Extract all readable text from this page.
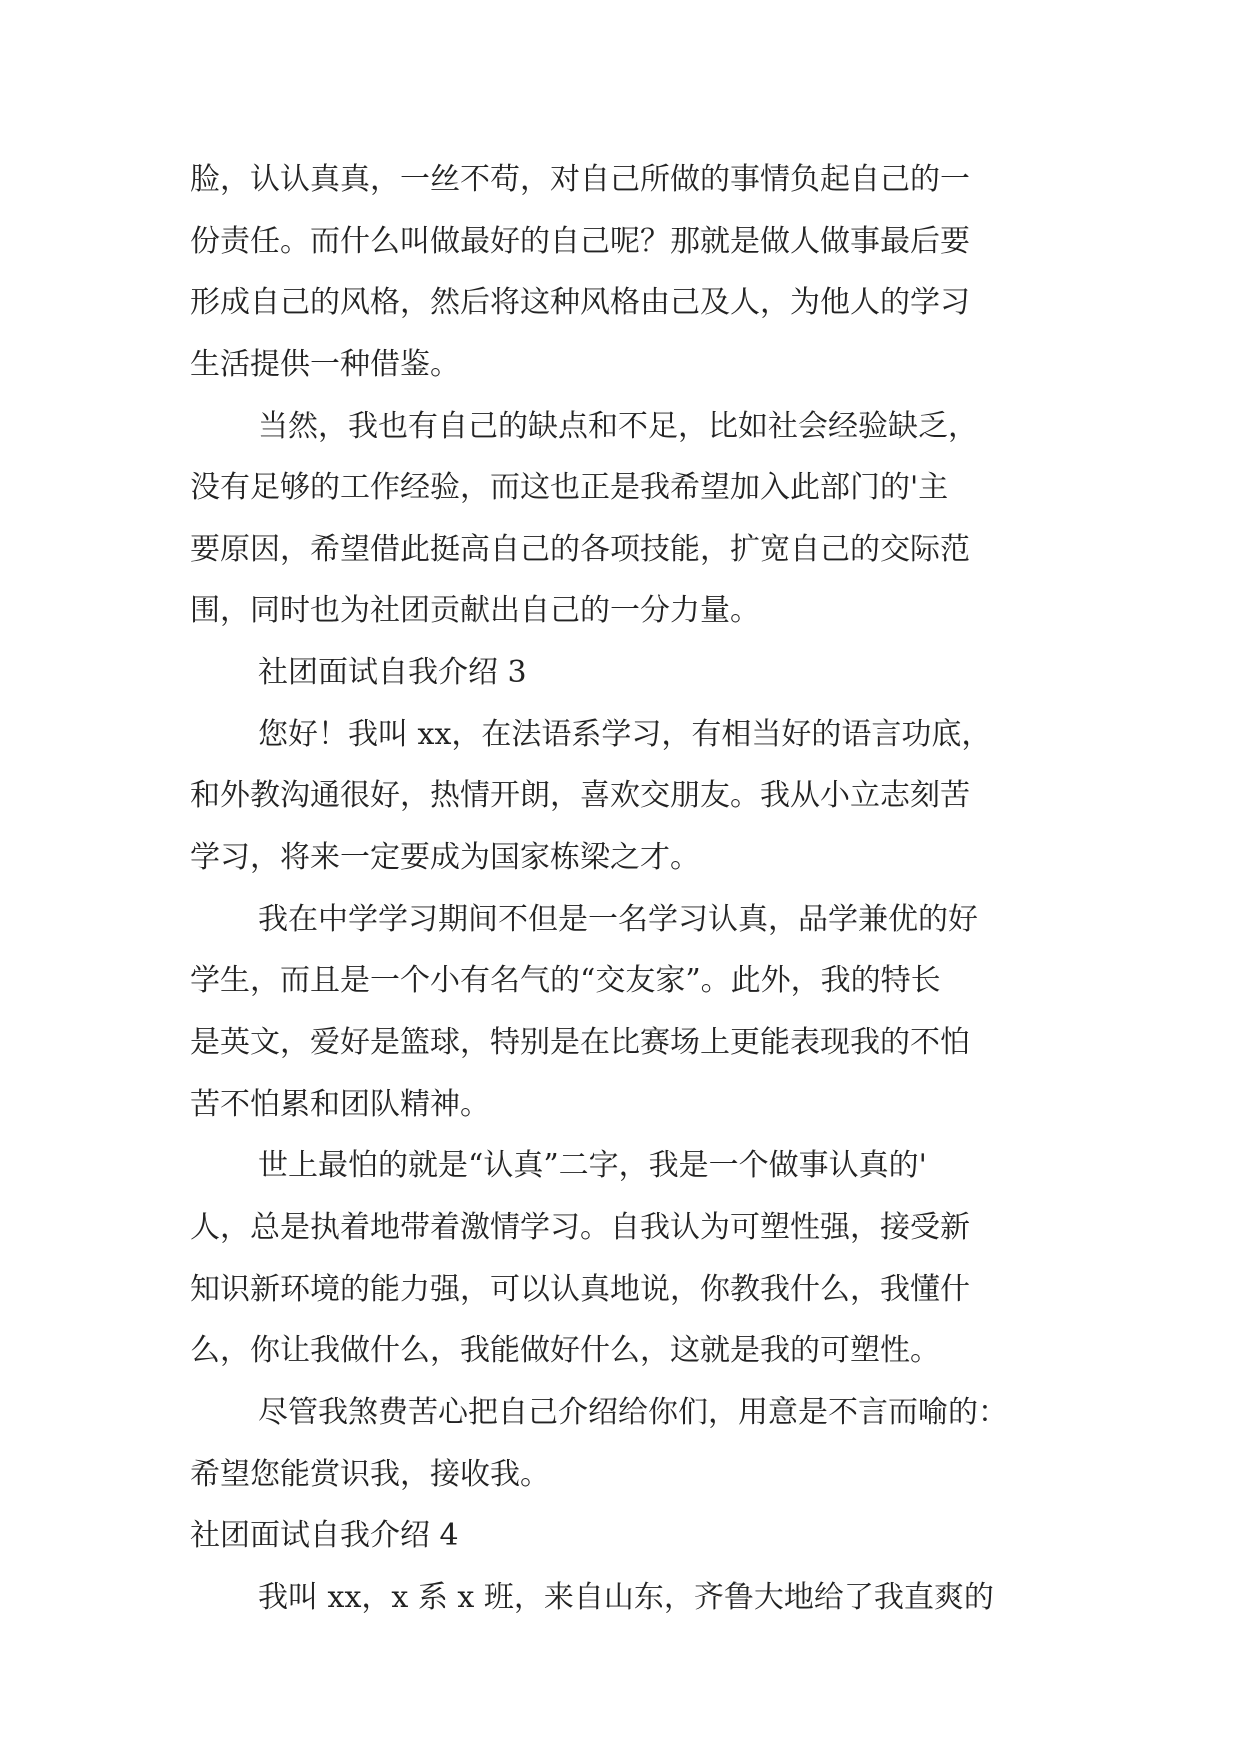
脸，认认真真，一丝不苟，对自己所做的事情负起自己的一
份责任。而什么叫做最好的自己呢？那就是做人做事最后要
形成自己的风格，然后将这种风格由己及人，为他人的学习
生活提供一种借鉴。
当然，我也有自己的缺点和不足，比如社会经验缺乏，
没有足够的工作经验，而这也正是我希望加入此部门的'主
要原因，希望借此挺高自己的各项技能，扩宽自己的交际范
围，同时也为社团贡献出自己的一分力量。
社团面试自我介绍 3
您好！我叫 xx，在法语系学习，有相当好的语言功底，
和外教沟通很好，热情开朗，喜欢交朋友。我从小立志刻苦
学习，将来一定要成为国家栋梁之才。
我在中学学习期间不但是一名学习认真，品学兼优的好
学生，而且是一个小有名气的“交友家”。此外，我的特长
是英文，爱好是篮球，特别是在比赛场上更能表现我的不怕
苦不怕累和团队精神。
世上最怕的就是“认真”二字，我是一个做事认真的'
人，总是执着地带着激情学习。自我认为可塑性强，接受新
知识新环境的能力强，可以认真地说，你教我什么，我懂什
么，你让我做什么，我能做好什么，这就是我的可塑性。
尽管我煞费苦心把自己介绍给你们，用意是不言而喻的：
希望您能赏识我，接收我。
社团面试自我介绍 4
我叫 xx，x 系 x 班，来自山东，齐鲁大地给了我直爽的
